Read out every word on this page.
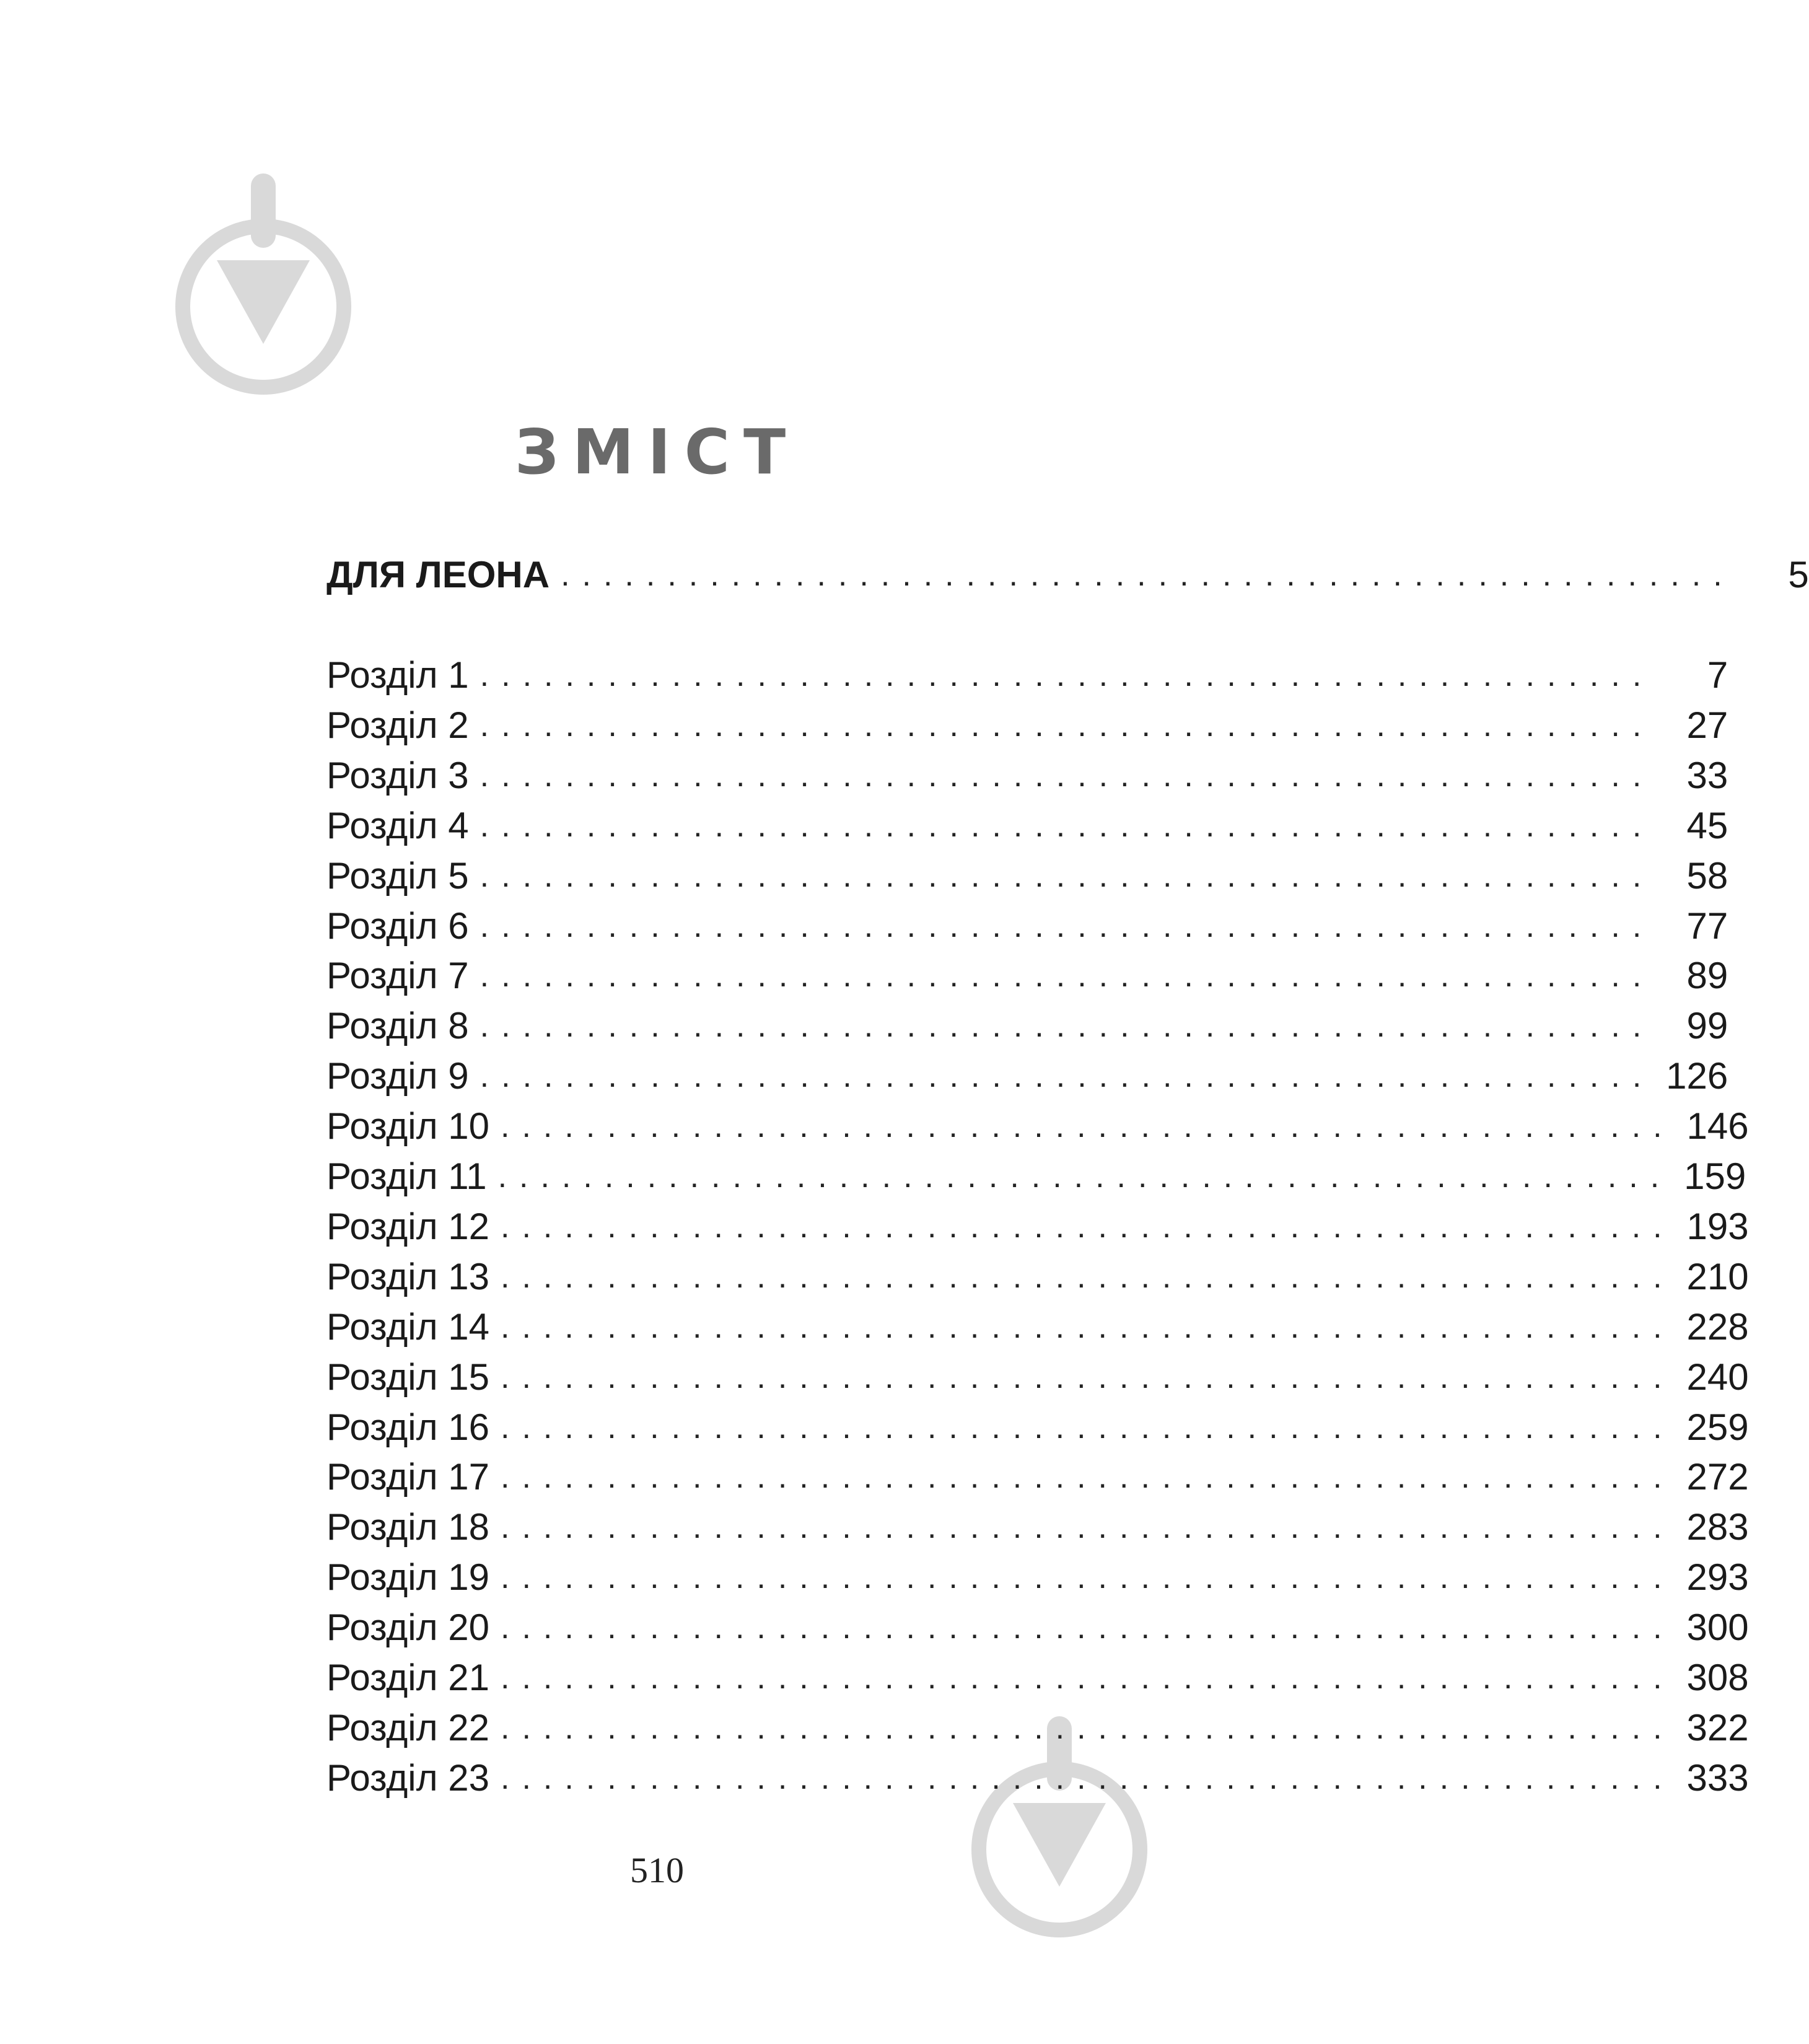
ЗМІСТ
ДЛЯ ЛЕОНА .......................................................	5
Розділ 1 .......................................................	7
Розділ 2 ....................................................... 27
Розділ 3 ....................................................... 33
Розділ 4 ....................................................... 45
Розділ 5 ....................................................... 58
Розділ 6 ....................................................... 77
Розділ 7 ....................................................... 89
Розділ 8 ....................................................... 99
Розділ 9 ....................................................... 126
Розділ 10 ....................................................... 146
Розділ 11 ....................................................... 159
Розділ 12 ....................................................... 193
Розділ 13 ....................................................... 210
Розділ 14 ....................................................... 228
Розділ 15 ....................................................... 240
Розділ 16 ....................................................... 259
Розділ 17 ....................................................... 272
Розділ 18 ....................................................... 283
Розділ 19 ....................................................... 293
Розділ 20 ....................................................... 300
Розділ 21 ....................................................... 308
Розділ 22 ....................................................... 322
Розділ 23 ....................................................... 333
510
